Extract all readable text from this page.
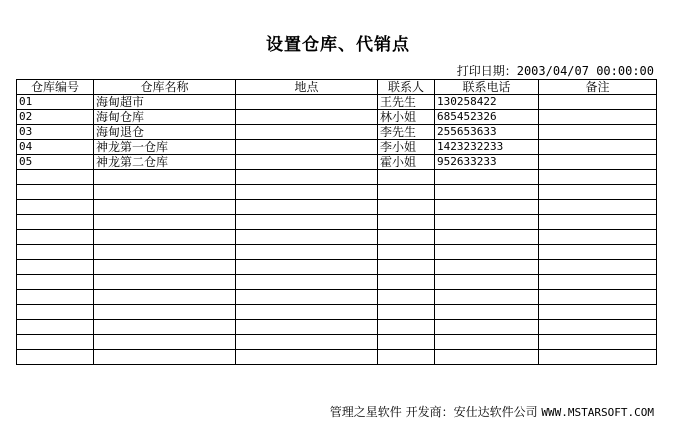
设置仓库、代销点
打印日期：2003/04/07 00:00:00
仓库编号	仓库名称	地点	联系人	联系电话	备注
01	海甸超市		王先生	130258422	
02	海甸仓库		林小姐	685452326	
03	海甸退仓		李先生	255653633	
04	神龙第一仓库		李小姐	1423232233	
05	神龙第二仓库		霍小姐	952633233	

管理之星软件 开发商：安仕达软件公司 WWW.MSTARSOFT.COM
